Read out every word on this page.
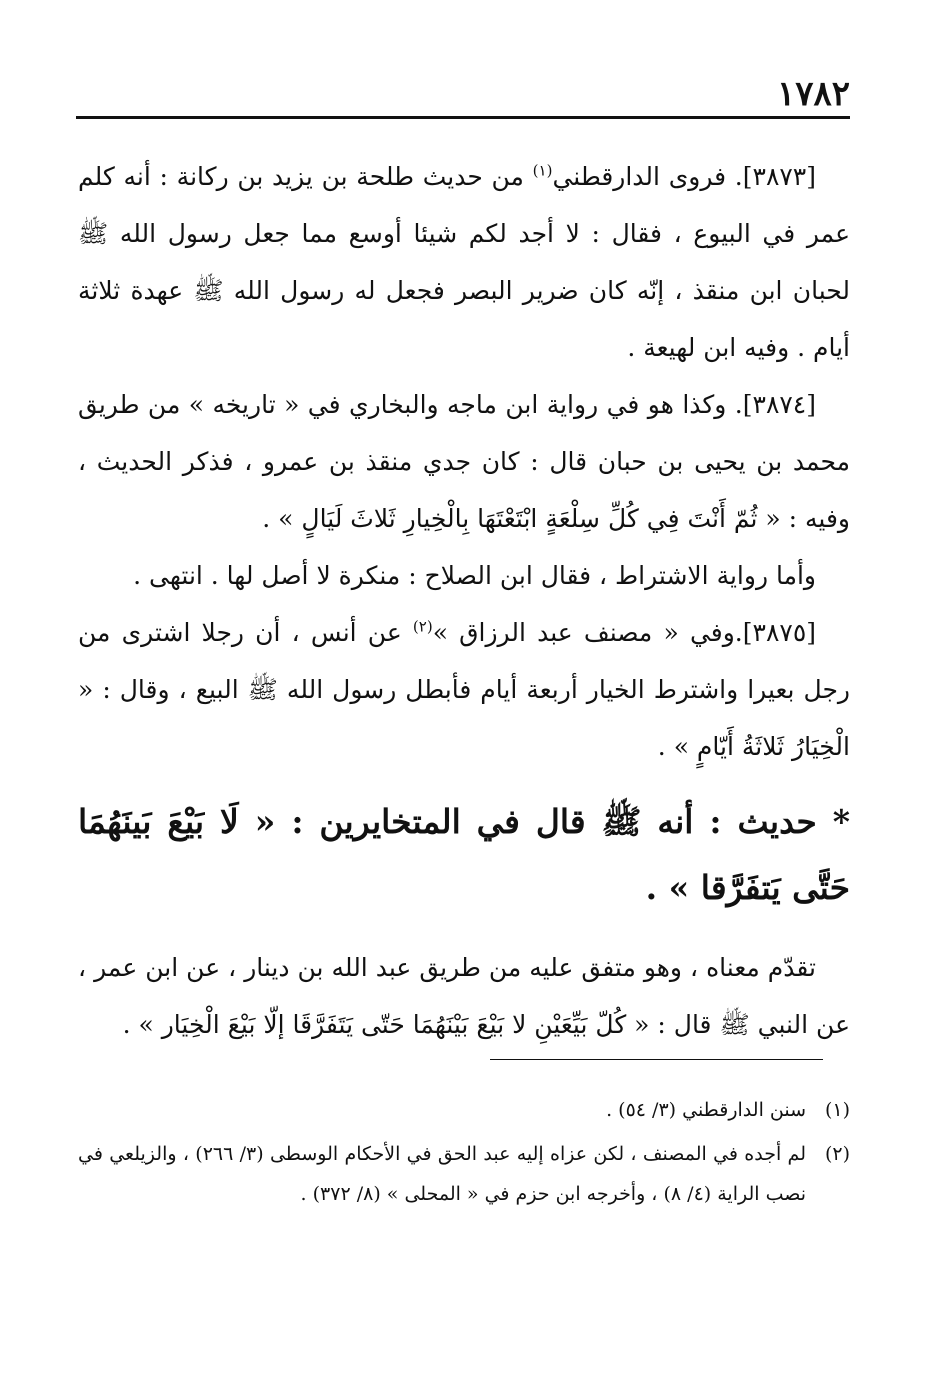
١٧٨٢

[٣٨٧٣]. فروى الدارقطني$^{(١)}$ من حديث طلحة بن يزيد بن ركانة : أنه كلم عمر في البيوع ، فقال : لا أجد لكم شيئا أوسع مما جعل رسول الله ﷺ لحبان ابن منقذ ، إنّه كان ضرير البصر فجعل له رسول الله ﷺ عهدة ثلاثة أيام . وفيه ابن لهيعة .

[٣٨٧٤]. وكذا هو في رواية ابن ماجه والبخاري في « تاريخه » من طريق محمد بن يحيى بن حبان قال : كان جدي منقذ بن عمرو ، فذكر الحديث ، وفيه : « ثُمّ أَنْتَ فِي كُلِّ سِلْعَةٍ ابْتَعْتَهَا بِالْخِيارِ ثَلاثَ لَيَالٍ » .

وأما رواية الاشتراط ، فقال ابن الصلاح : منكرة لا أصل لها . انتهى .

[٣٨٧٥].وفي « مصنف عبد الرزاق »$^{(٢)}$ عن أنس ، أن رجلا اشترى من رجل بعيرا واشترط الخيار أربعة أيام فأبطل رسول الله ﷺ البيع ، وقال : « الْخِيَارُ ثَلاثَةُ أَيّامٍ » .

* حديث : أنه ﷺ قال في المتخايرين : « لَا بَيْعَ بَينَهُمَا حَتَّى يَتفَرَّقا » .

تقدّم معناه ، وهو متفق عليه من طريق عبد الله بن دينار ، عن ابن عمر ، عن النبي ﷺ قال : « كُلّ بَيِّعَيْنِ لا بَيْعَ بَيْنَهُمَا حَتّى يَتَفَرَّقَا إلّا بَيْعَ الْخِيَار » .

(١)
سنن الدارقطني (٣/ ٥٤) .

(٢)
لم أجده في المصنف ، لكن عزاه إليه عبد الحق في الأحكام الوسطى (٣/ ٢٦٦) ، والزيلعي في نصب الراية (٤/ ٨) ، وأخرجه ابن حزم في « المحلى » (٨/ ٣٧٢) .
